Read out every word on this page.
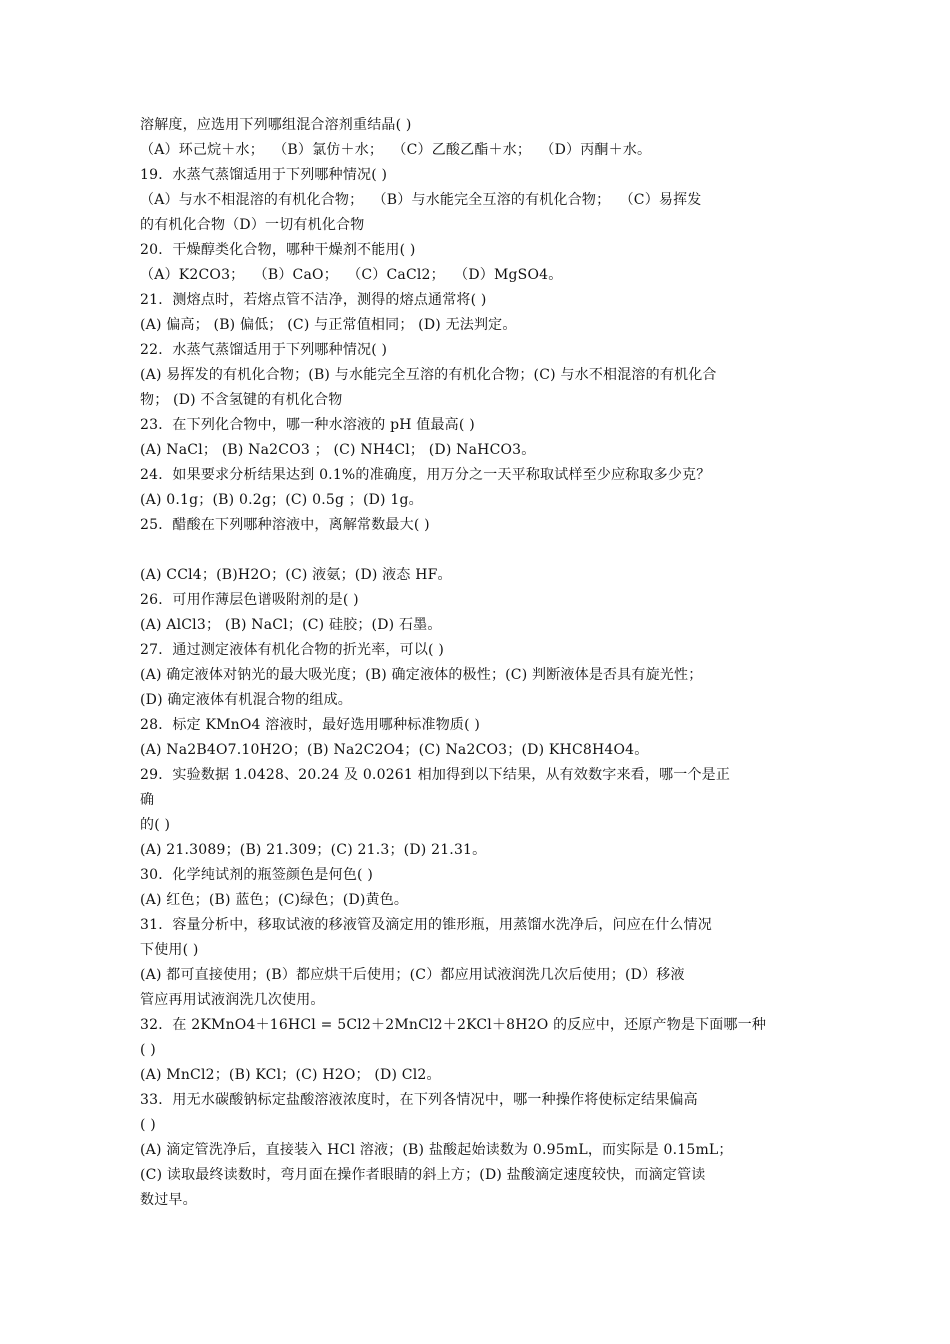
溶解度，应选用下列哪组混合溶剂重结晶( )
（A）环己烷＋水；  （B）氯仿＋水；  （C）乙酸乙酯＋水；  （D）丙酮＋水。
19．水蒸气蒸馏适用于下列哪种情况( )
（A）与水不相混溶的有机化合物；  （B）与水能完全互溶的有机化合物；  （C）易挥发
的有机化合物（D）一切有机化合物
20．干燥醇类化合物，哪种干燥剂不能用( )
（A）K2CO3；  （B）CaO；  （C）CaCl2；  （D）MgSO4。
21．测熔点时，若熔点管不洁净，测得的熔点通常将( )
(A) 偏高； (B) 偏低； (C) 与正常值相同； (D) 无法判定。
22．水蒸气蒸馏适用于下列哪种情况( )
(A) 易挥发的有机化合物；(B) 与水能完全互溶的有机化合物；(C) 与水不相混溶的有机化合
物； (D) 不含氢键的有机化合物
23．在下列化合物中，哪一种水溶液的 pH 值最高( )
(A) NaCl； (B) Na2CO3 ； (C) NH4Cl； (D) NaHCO3。
24．如果要求分析结果达到 0.1%的准确度，用万分之一天平称取试样至少应称取多少克？
(A) 0.1g；(B) 0.2g；(C) 0.5g ；(D) 1g。
25．醋酸在下列哪种溶液中，离解常数最大( )
(A) CCl4；(B)H2O；(C) 液氨；(D) 液态 HF。
26．可用作薄层色谱吸附剂的是( )
(A) AlCl3； (B) NaCl；(C) 硅胶；(D) 石墨。
27．通过测定液体有机化合物的折光率，可以( )
(A) 确定液体对钠光的最大吸光度；(B) 确定液体的极性；(C) 判断液体是否具有旋光性；
(D) 确定液体有机混合物的组成。
28．标定 KMnO4 溶液时，最好选用哪种标准物质( )
(A) Na2B4O7.10H2O；(B) Na2C2O4；(C) Na2CO3；(D) KHC8H4O4。
29．实验数据 1.0428、20.24 及 0.0261 相加得到以下结果，从有效数字来看，哪一个是正
确
的( )
(A) 21.3089；(B) 21.309；(C) 21.3；(D) 21.31。
30．化学纯试剂的瓶签颜色是何色( )
(A) 红色；(B) 蓝色；(C)绿色；(D)黄色。
31．容量分析中，移取试液的移液管及滴定用的锥形瓶，用蒸馏水洗净后，问应在什么情况
下使用( )
(A) 都可直接使用；(B）都应烘干后使用；(C）都应用试液润洗几次后使用；(D）移液
管应再用试液润洗几次使用。
32．在 2KMnO4＋16HCl = 5Cl2＋2MnCl2＋2KCl＋8H2O 的反应中，还原产物是下面哪一种
( )
(A) MnCl2；(B) KCl；(C) H2O； (D) Cl2。
33．用无水碳酸钠标定盐酸溶液浓度时，在下列各情况中，哪一种操作将使标定结果偏高
( )
(A) 滴定管洗净后，直接装入 HCl 溶液；(B) 盐酸起始读数为 0.95mL，而实际是 0.15mL；
(C) 读取最终读数时，弯月面在操作者眼睛的斜上方；(D) 盐酸滴定速度较快，而滴定管读
数过早。
